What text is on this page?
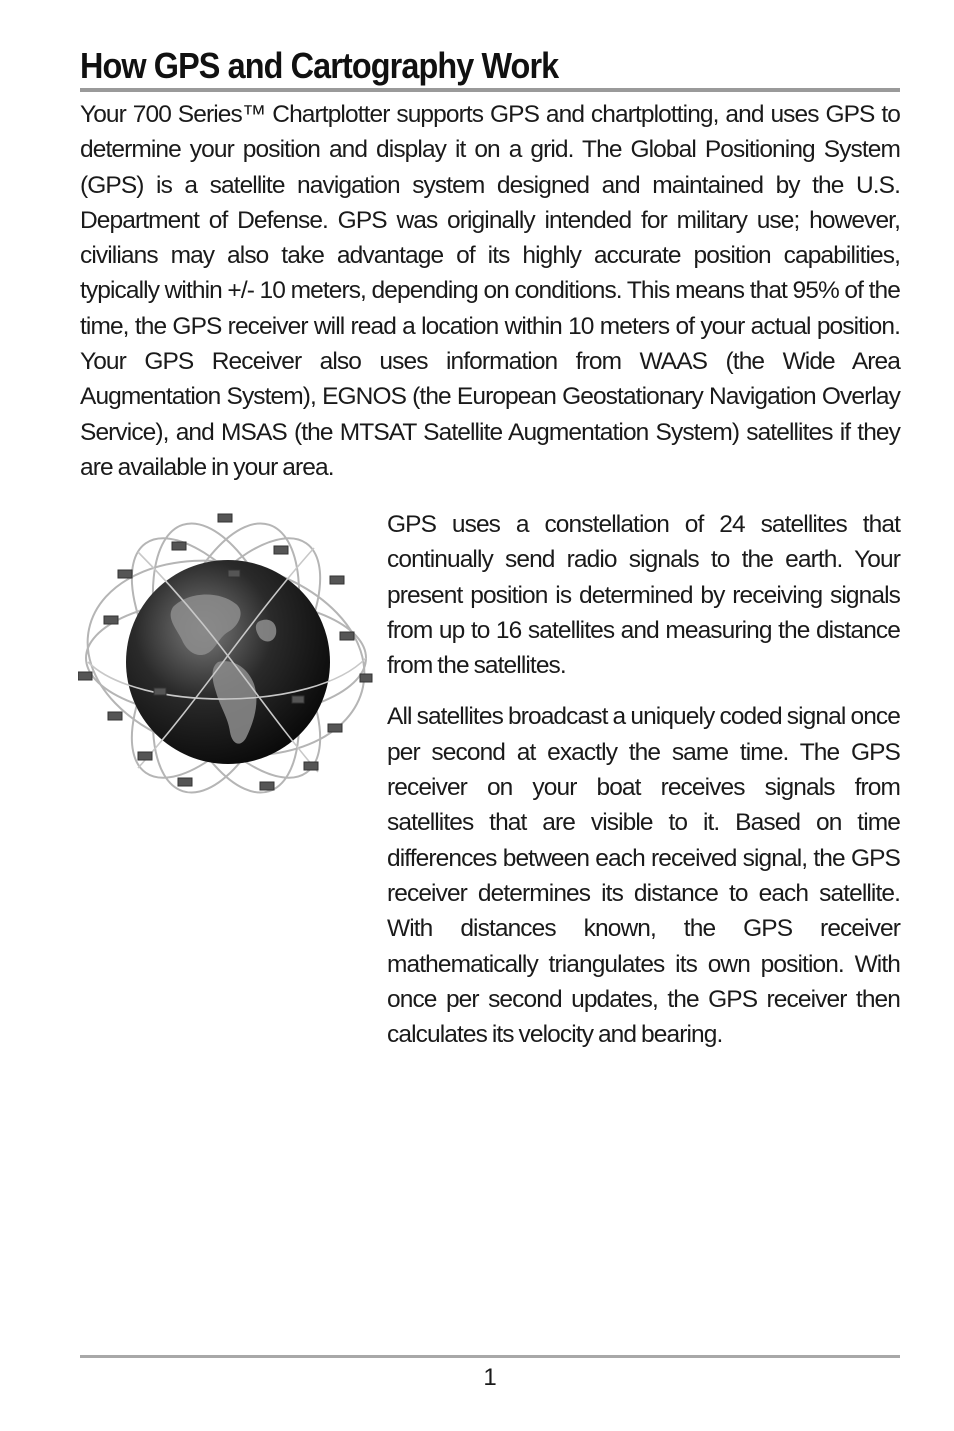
How GPS and Cartography Work

Your 700 Series™ Chartplotter supports GPS and chartplotting, and uses GPS to determine your position and display it on a grid. The Global Positioning System (GPS) is a satellite navigation system designed and maintained by the U.S. Department of Defense. GPS was originally intended for military use; however, civilians may also take advantage of its highly accurate position capabilities, typically within +/- 10 meters, depending on conditions. This means that 95% of the time, the GPS receiver will read a location within 10 meters of your actual position. Your GPS Receiver also uses information from WAAS (the Wide Area Augmentation System), EGNOS (the European Geostationary Navigation Overlay Service), and MSAS (the MTSAT Satellite Augmentation System) satellites if they are available in your area.

GPS uses a constellation of 24 satellites that continually send radio signals to the earth. Your present position is determined by receiving signals from up to 16 satellites and measuring the distance from the satellites.

All satellites broadcast a uniquely coded signal once per second at exactly the same time. The GPS receiver on your boat receives signals from satellites that are visible to it. Based on time differences between each received signal, the GPS receiver determines its distance to each satellite. With distances known, the GPS receiver mathematically triangulates its own position. With once per second updates, the GPS receiver then calculates its velocity and bearing.

1
